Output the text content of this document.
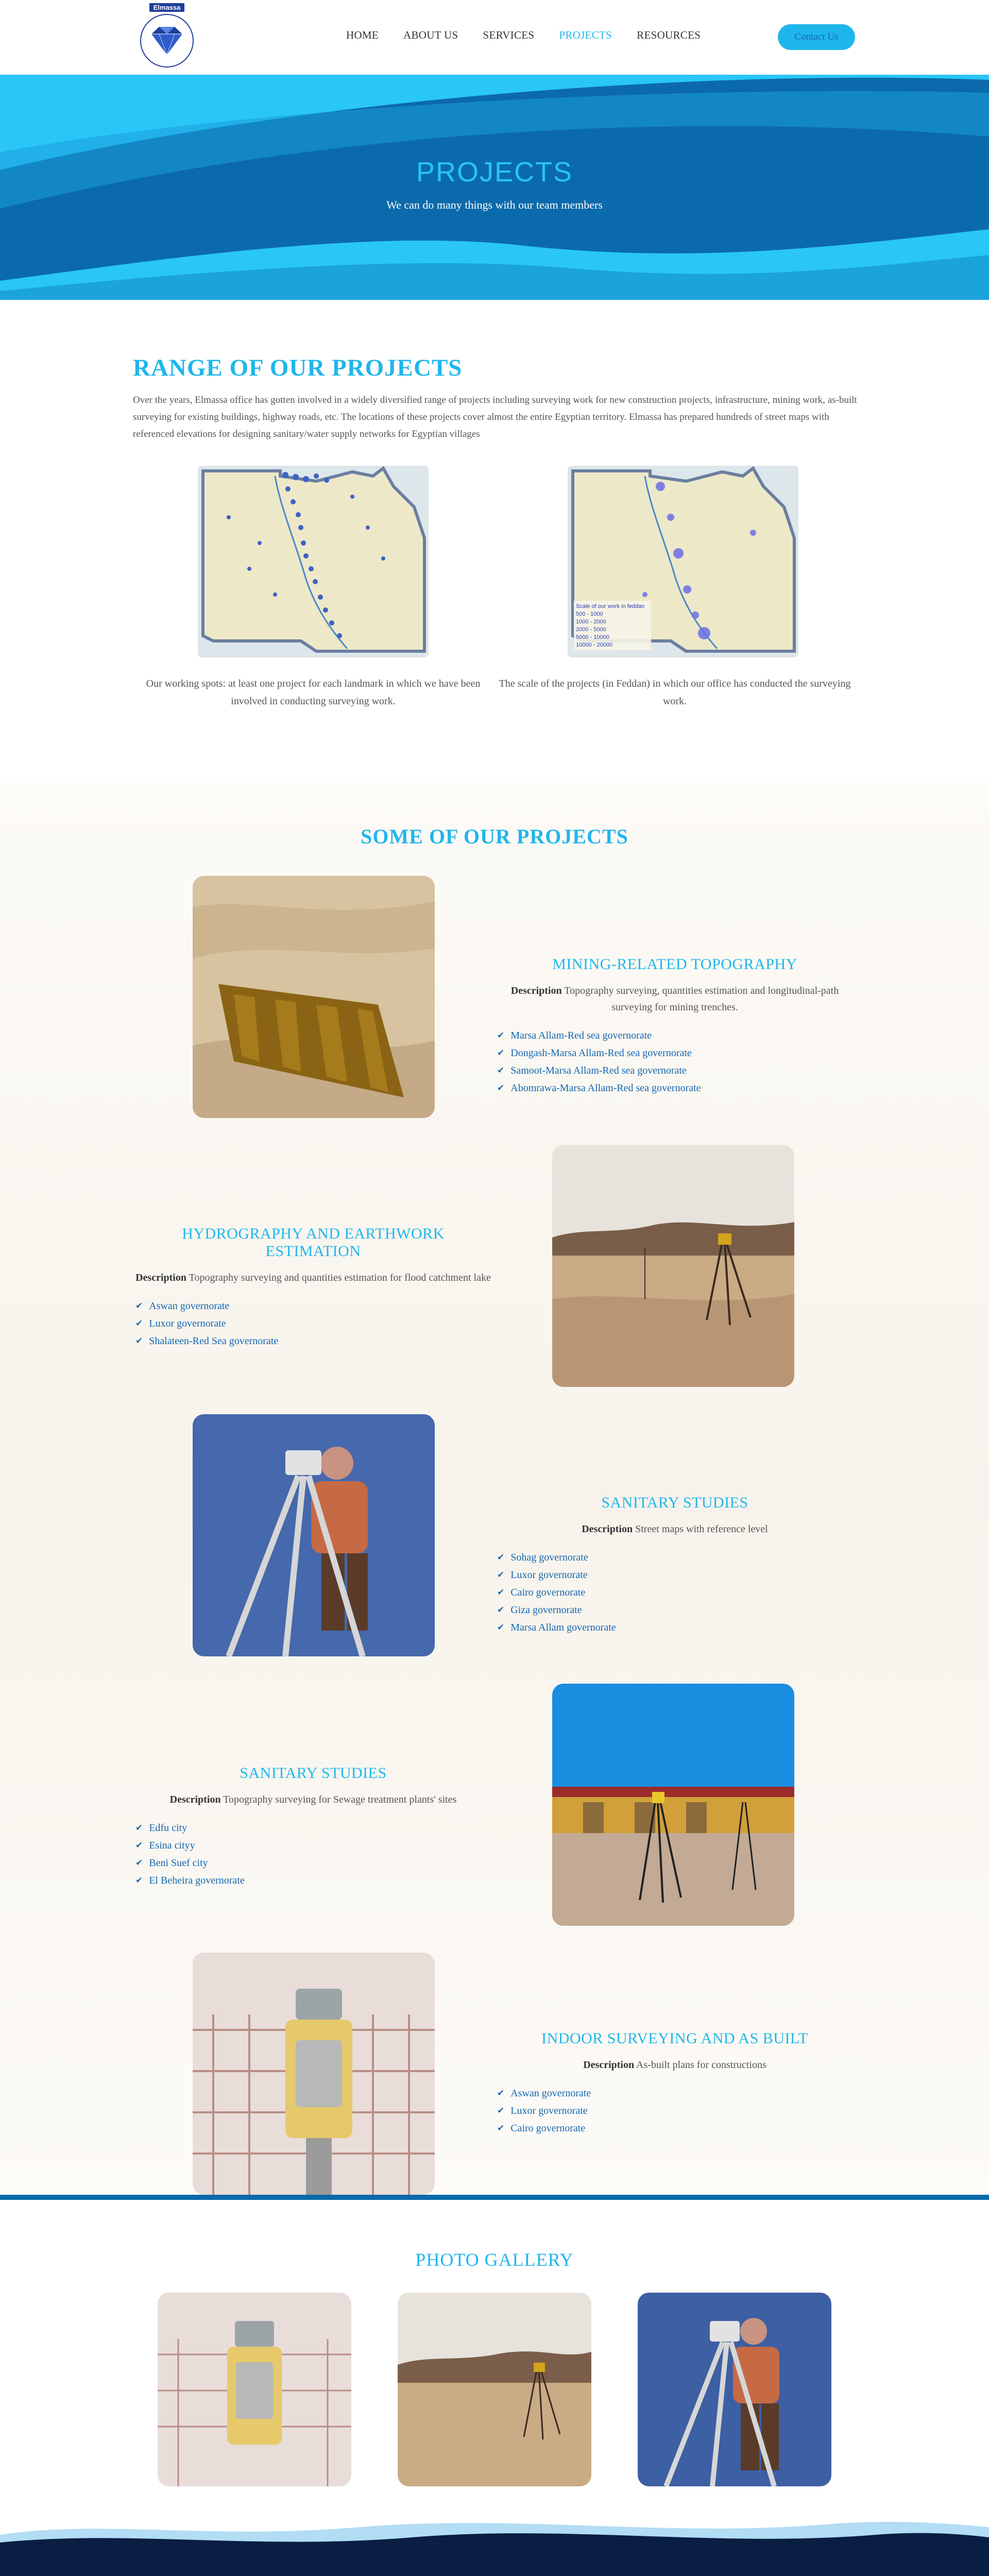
Elmassa
HOME ABOUT US SERVICES PROJECTS RESOURCES	Contact Us
PROJECTS

We can do many things with our team members

RANGE OF OUR PROJECTS

Over the years, Elmassa office has gotten involved in a widely diversified range of projects including surveying work for new construction projects, infrastructure, mining work, as-built surveying for existing buildings, highway roads, etc. The locations of these projects cover almost the entire Egyptian territory. Elmassa has prepared hundreds of street maps with referenced elevations for designing sanitary/water supply networks for Egyptian villages

Scale of our work in feddan
500 - 1000
1000 - 2000
2000 - 5000
5000 - 10000
10000 - 20000

Our working spots: at least one project for each landmark in which we have been involved in conducting surveying work.

The scale of the projects (in Feddan) in which our office has conducted the surveying work.

SOME OF OUR PROJECTS
MINING-RELATED TOPOGRAPHY

Description Topography surveying, quantities estimation and longitudinal-path surveying for mining trenches.

✔ Marsa Allam-Red sea governorate
✔ Dongash-Marsa Allam-Red sea governorate
✔ Samoot-Marsa Allam-Red sea governorate
✔ Abomrawa-Marsa Allam-Red sea governorate
HYDROGRAPHY AND EARTHWORK ESTIMATION

Description Topography surveying and quantities estimation for flood catchment lake

✔ Aswan governorate
✔ Luxor governorate
✔ Shalateen-Red Sea governorate
SANITARY STUDIES

Description Street maps with reference level

✔ Sohag governorate
✔ Luxor governorate
✔ Cairo governorate
✔ Giza governorate
✔ Marsa Allam governorate
SANITARY STUDIES

Description Topography surveying for Sewage treatment plants' sites

✔ Edfu city
✔ Esina cityy
✔ Beni Suef city
✔ El Beheira governorate
INDOOR SURVEYING AND AS BUILT

Description As-built plans for constructions

✔ Aswan governorate
✔ Luxor governorate
✔ Cairo governorate
PHOTO GALLERY
